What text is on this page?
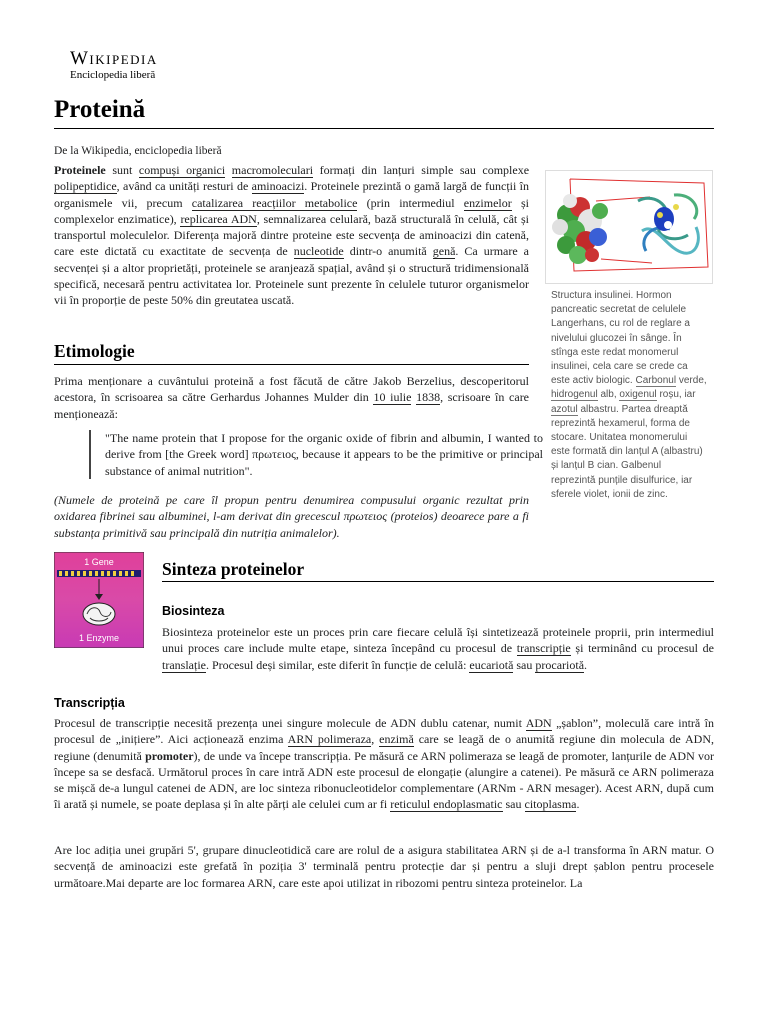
Wikipedia
Enciclopedia liberă
Proteină
De la Wikipedia, enciclopedia liberă

Proteinele sunt compuși organici macromoleculari formați din lanțuri simple sau complexe polipeptidice, având ca unități resturi de aminoacizi. Proteinele prezintă o gamă largă de funcții în organismele vii, precum catalizarea reacțiilor metabolice (prin intermediul enzimelor și complexelor enzimatice), replicarea ADN, semnalizarea celulară, bază structurală în celulă, cât și transportul moleculelor. Diferența majoră dintre proteine este secvența de aminoacizi din catenă, care este dictată cu exactitate de secvența de nucleotide dintr-o anumită genă. Ca urmare a secvenței și a altor proprietăți, proteinele se aranjează spațial, având și o structură tridimensională specifică, necesară pentru activitatea lor. Proteinele sunt prezente în celulele tuturor organismelor vii în proporție de peste 50% din greutatea uscată.	Structura insulinei. Hormon pancreatic secretat de celulele Langerhans, cu rol de reglare a nivelului glucozei în sânge. În stînga este redat monomerul insulinei, cela care se crede ca este activ biologic. Carbonul verde, hidrogenul alb, oxigenul roșu, iar azotul albastru. Partea dreaptă reprezintă hexamerul, forma de stocare. Unitatea monomerului este formată din lanțul A (albastru) și lanțul B cian. Galbenul reprezintă punțile disulfurice, iar sferele violet, ionii de zinc.
Etimologie

Prima menționare a cuvântului proteină a fost făcută de către Jakob Berzelius, descoperitorul acestora, în scrisoarea sa către Gerhardus Johannes Mulder din 10 iulie 1838, scrisoare în care menționează:

"The name protein that I propose for the organic oxide of fibrin and albumin, I wanted to derive from [the Greek word] πρωτειος, because it appears to be the primitive or principal substance of animal nutrition".

(Numele de proteină pe care îl propun pentru denumirea compusului organic rezultat prin oxidarea fibrinei sau albuminei, l-am derivat din grecescul πρωτειος (proteios) deoarece pare a fi substanța primitivă sau principală din nutriția animalelor).

1 Gene
1 Enzyme
Sinteza proteinelor
Biosinteza

Biosinteza proteinelor este un proces prin care fiecare celulă își sintetizează proteinele proprii, prin intermediul unui proces care include multe etape, sinteza începând cu procesul de transcripție și terminând cu procesul de translație. Procesul deși similar, este diferit în funcție de celulă: eucariotă sau procariotă.

Transcripția

Procesul de transcripție necesită prezența unei singure molecule de ADN dublu catenar, numit ADN „șablon”, moleculă care intră în procesul de „inițiere”. Aici acționează enzima ARN polimeraza, enzimă care se leagă de o anumită regiune din molecula de ADN, regiune (denumită promoter), de unde va începe transcripția. Pe măsură ce ARN polimeraza se leagă de promoter, lanțurile de ADN vor începe sa se desfacă. Următorul proces în care intră ADN este procesul de elongație (alungire a catenei). Pe măsură ce ARN polimeraza se mișcă de-a lungul catenei de ADN, are loc sinteza ribonucleotidelor complementare (ARNm - ARN mesager). Acest ARN, după cum îi arată și numele, se poate deplasa și în alte părți ale celulei cum ar fi reticulul endoplasmatic sau citoplasma.

Are loc adiția unei grupări 5', grupare dinucleotidică care are rolul de a asigura stabilitatea ARN și de a-l transforma în ARN matur. O secvență de aminoacizi este grefată în poziția 3' terminală pentru protecție dar și pentru a sluji drept șablon pentru procesele următoare.Mai departe are loc formarea ARN, care este apoi utilizat in ribozomi pentru sinteza proteinelor. La
